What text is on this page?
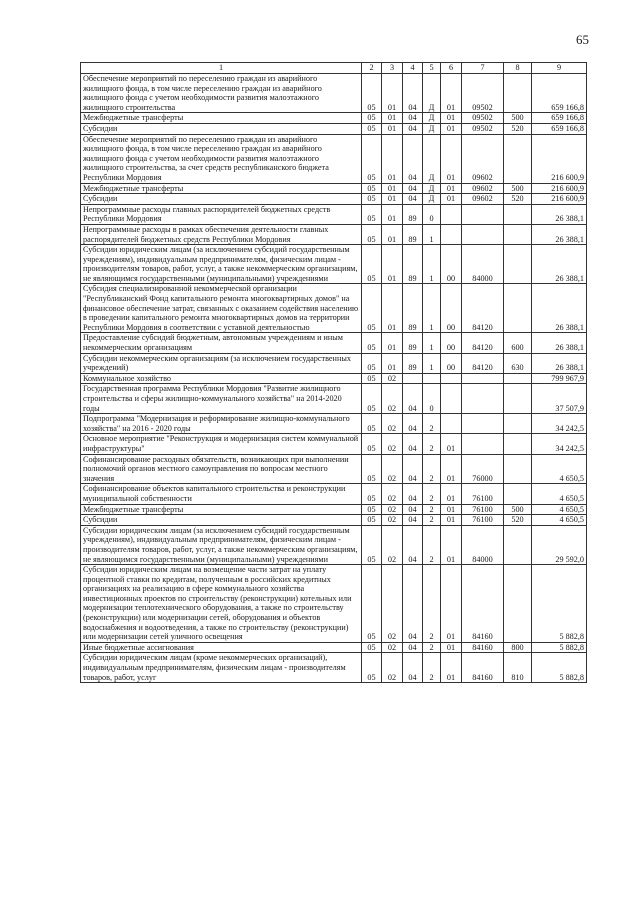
65
1	2	3	4	5	6	7	8	9
Обеспечение мероприятий по переселению граждан из аварийного жилищного фонда, в том числе переселению граждан из аварийного жилищного фонда с учетом необходимости развития малоэтажного жилищного строительства	05	01	04	Д	01	09502		659 166,8
Межбюджетные трансферты	05	01	04	Д	01	09502	500	659 166,8
Субсидии	05	01	04	Д	01	09502	520	659 166,8
Обеспечение мероприятий по переселению граждан из аварийного жилищного фонда, в том числе переселению граждан из аварийного жилищного фонда с учетом необходимости развития малоэтажного жилищного строительства, за счет средств республиканского бюджета Республики Мордовия	05	01	04	Д	01	09602		216 600,9
Межбюджетные трансферты	05	01	04	Д	01	09602	500	216 600,9
Субсидии	05	01	04	Д	01	09602	520	216 600,9
Непрограммные расходы главных распорядителей бюджетных средств Республики Мордовия	05	01	89	0				26 388,1
Непрограммные расходы в рамках обеспечения деятельности главных распорядителей бюджетных средств Республики Мордовия	05	01	89	1				26 388,1
Субсидии юридическим лицам (за исключением субсидий государственным учреждениям), индивидуальным предпринимателям, физическим лицам - производителям товаров, работ, услуг, а также некоммерческим организациям, не являющимся государственными (муниципальными) учреждениями	05	01	89	1	00	84000		26 388,1
Субсидия специализированной некоммерческой организации "Республиканский Фонд капитального ремонта многоквартирных домов" на финансовое обеспечение затрат, связанных с оказанием содействия населению в проведении капитального ремонта многоквартирных домов на территории Республики Мордовия в соответствии с уставной деятельностью	05	01	89	1	00	84120		26 388,1
Предоставление субсидий бюджетным, автономным учреждениям и иным некоммерческим организациям	05	01	89	1	00	84120	600	26 388,1
Субсидии некоммерческим организациям (за исключением государственных учреждений)	05	01	89	1	00	84120	630	26 388,1
Коммунальное хозяйство	05	02						799 967,9
Государственная программа Республики Мордовия "Развитие жилищного строительства и сферы жилищно-коммунального хозяйства" на 2014-2020 годы	05	02	04	0				37 507,9
Подпрограмма "Модернизация и реформирование жилищно-коммунального хозяйства" на 2016 - 2020 годы	05	02	04	2				34 242,5
Основное мероприятие "Реконструкция и модернизация систем коммунальной инфраструктуры"	05	02	04	2	01			34 242,5
Софинансирование расходных обязательств, возникающих при выполнении полномочий органов местного самоуправления по вопросам местного значения	05	02	04	2	01	76000		4 650,5
Софинансирование объектов капитального строительства и реконструкции муниципальной собственности	05	02	04	2	01	76100		4 650,5
Межбюджетные трансферты	05	02	04	2	01	76100	500	4 650,5
Субсидии	05	02	04	2	01	76100	520	4 650,5
Субсидии юридическим лицам (за исключением субсидий государственным учреждениям), индивидуальным предпринимателям, физическим лицам - производителям товаров, работ, услуг, а также некоммерческим организациям, не являющимся государственными (муниципальными) учреждениями	05	02	04	2	01	84000		29 592,0
Субсидии юридическим лицам на возмещение части затрат на уплату процентной ставки по кредитам, полученным в российских кредитных организациях на реализацию в сфере коммунального хозяйства инвестиционных проектов по строительству (реконструкции) котельных или модернизации теплотехнического оборудования, а также по строительству (реконструкции) или модернизации сетей, оборудования и объектов водоснабжения и водоотведения, а также по строительству (реконструкции) или модернизации сетей уличного освещения	05	02	04	2	01	84160		5 882,8
Иные бюджетные ассигнования	05	02	04	2	01	84160	800	5 882,8
Субсидии юридическим лицам (кроме некоммерческих организаций), индивидуальным предпринимателям, физическим лицам - производителям товаров, работ, услуг	05	02	04	2	01	84160	810	5 882,8
